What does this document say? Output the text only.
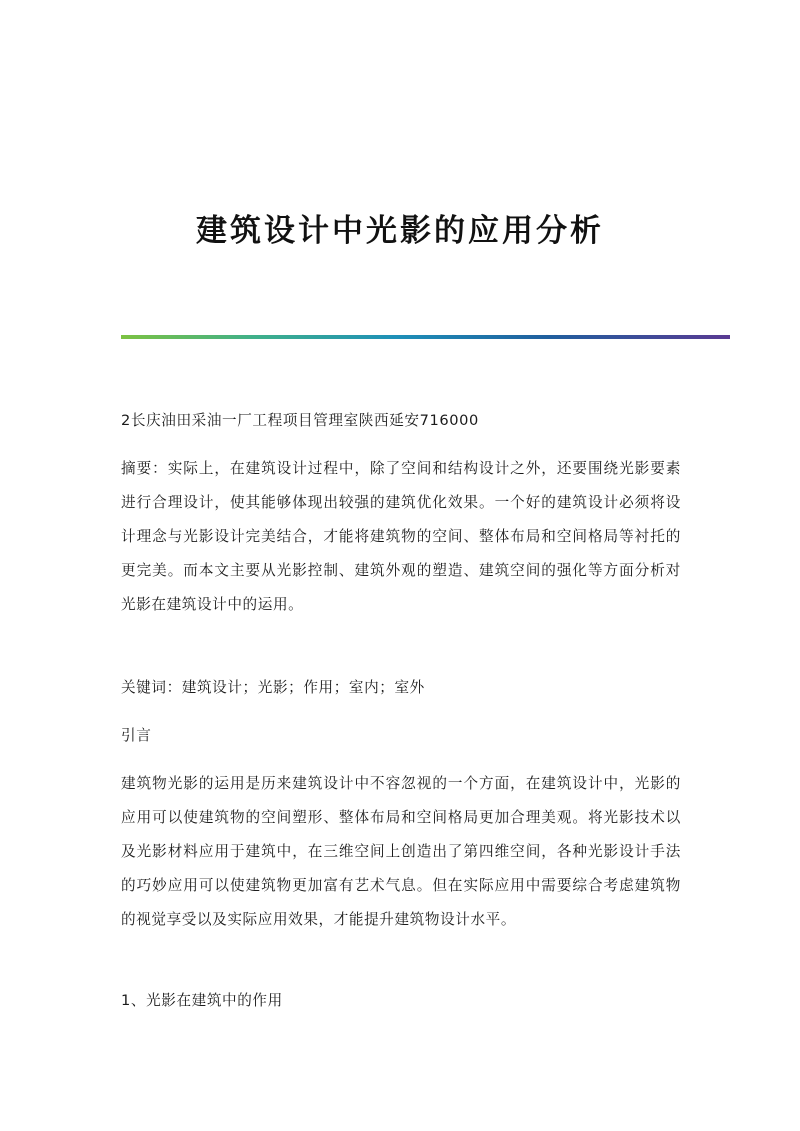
建筑设计中光影的应用分析

2长庆油田采油一厂工程项目管理室陕西延安716000

摘要：实际上，在建筑设计过程中，除了空间和结构设计之外，还要围绕光影要素进行合理设计，使其能够体现出较强的建筑优化效果。一个好的建筑设计必须将设计理念与光影设计完美结合，才能将建筑物的空间、整体布局和空间格局等衬托的更完美。而本文主要从光影控制、建筑外观的塑造、建筑空间的强化等方面分析对光影在建筑设计中的运用。

关键词：建筑设计；光影；作用；室内；室外

引言

建筑物光影的运用是历来建筑设计中不容忽视的一个方面，在建筑设计中，光影的应用可以使建筑物的空间塑形、整体布局和空间格局更加合理美观。将光影技术以及光影材料应用于建筑中，在三维空间上创造出了第四维空间，各种光影设计手法的巧妙应用可以使建筑物更加富有艺术气息。但在实际应用中需要综合考虑建筑物的视觉享受以及实际应用效果，才能提升建筑物设计水平。

1、光影在建筑中的作用
